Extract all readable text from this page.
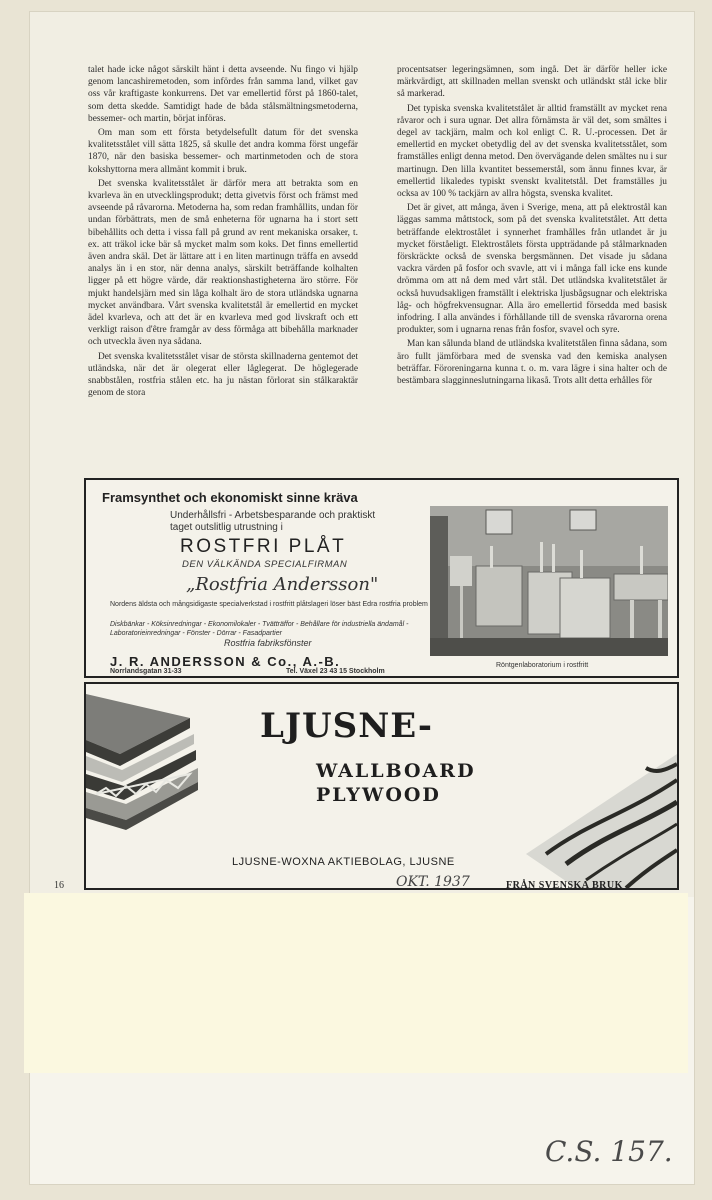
talet hade icke något särskilt hänt i detta avseende. Nu fingo vi hjälp genom lancashiremetoden, som infördes från samma land, vilket gav oss vår kraftigaste konkurrens. Det var emellertid först på 1860-talet, som detta skedde. Samtidigt hade de båda stålsmältningsmetoderna, bessemer- och martin, börjat införas.

Om man som ett första betydelsefullt datum för det svenska kvalitetsstålet vill sätta 1825, så skulle det andra komma först ungefär 1870, när den basiska bessemer- och martinmetoden och de stora kokshyttorna mera allmänt kommit i bruk.

Det svenska kvalitetsstålet är därför mera att betrakta som en kvarleva än en utvecklingsprodukt; detta givetvis först och främst med avseende på råvarorna. Metoderna ha, som redan framhållits, undan för undan förbättrats, men de små enheterna för ugnarna ha i stort sett bibehållits och detta i vissa fall på grund av rent mekaniska orsaker, t. ex. att träkol icke bär så mycket malm som koks. Det finns emellertid även andra skäl. Det är lättare att i en liten martinugn träffa en avsedd analys än i en stor, när denna analys, särskilt beträffande kolhalten ligger på ett högre värde, där reaktionshastigheterna äro större. För mjukt handelsjärn med sin låga kolhalt äro de stora utländska ugnarna mycket användbara. Vårt svenska kvalitetstål är emellertid en mycket ädel kvarleva, och att det är en kvarleva med god livskraft och ett verkligt raison d'être framgår av dess förmåga att bibehålla marknader och utveckla även nya sådana.

Det svenska kvalitetsstålet visar de största skillnaderna gentemot det utländska, när det är olegerat eller låglegerat. De höglegerade snabbstålen, rostfria stålen etc. ha ju nästan förlorat sin stålkaraktär genom de stora

procentsatser legeringsämnen, som ingå. Det är därför heller icke märkvärdigt, att skillnaden mellan svenskt och utländskt stål icke blir så markerad.

Det typiska svenska kvalitetstålet är alltid framställt av mycket rena råvaror och i sura ugnar. Det allra förnämsta är väl det, som smältes i degel av tackjärn, malm och kol enligt C. R. U.-processen. Det är emellertid en mycket obetydlig del av det svenska kvalitetsstålet, som framställes enligt denna metod. Den övervägande delen smältes nu i sur martinugn. Den lilla kvantitet bessemerstål, som ännu finnes kvar, är emellertid likaledes typiskt svenskt kvalitetstål. Det framställes ju ocksa av 100 % tackjärn av allra högsta, svenska kvalitet.

Det är givet, att många, även i Sverige, mena, att på elektrostål kan läggas samma måttstock, som på det svenska kvalitetstålet. Att detta beträffande elektrostålet i synnerhet framhålles från utlandet är ju mycket förståeligt. Elektrostålets första uppträdande på stålmarknaden förskräckte också de svenska bergsmännen. Det visade ju sådana vackra värden på fosfor och svavle, att vi i många fall icke ens kunde drömma om att nå dem med vårt stål. Det utländska kvalitetstålet är också huvudsakligen framställt i elektriska ljusbågsugnar och elektriska låg- och högfrekvensugnar. Alla äro emellertid försedda med basisk infodring. I alla användes i förhållande till de svenska råvarorna orena produkter, som i ugnarna renas från fosfor, svavel och syre.

Man kan sålunda bland de utländska kvalitetstålen finna sådana, som äro fullt jämförbara med de svenska vad den kemiska analysen beträffar. Föroreningarna kunna t. o. m. vara lägre i sina halter och de bestämbara slagginneslutningarna likaså. Trots allt detta erhålles för

Framsynthet och ekonomiskt sinne kräva
Underhållsfri - Arbetsbesparande och praktiskt taget outslitlig utrustning i
ROSTFRI PLÅT
DEN VÄLKÄNDA SPECIALFIRMAN
„Rostfria Andersson"
Nordens äldsta och mångsidigaste specialverkstad i rostfritt plåtslageri löser bäst Edra rostfria problem
Diskbänkar - Köksinredningar - Ekonomilokaler - Tvätträffor - Behållare för industriella ändamål - Laboratorieinredningar - Fönster - Dörrar - Fasadpartier
Rostfria fabriksfönster
J. R. ANDERSSON & Co., A.-B.
Norrlandsgatan 31-33	Tel. Växel 23 43 15 Stockholm
Röntgenlaboratorium i rostfritt
LJUSNE-
WALLBOARD
PLYWOOD
LJUSNE-WOXNA AKTIEBOLAG, LJUSNE
16	OKT. 1937	FRÅN SVENSKA BRUK
C.S. 157.
